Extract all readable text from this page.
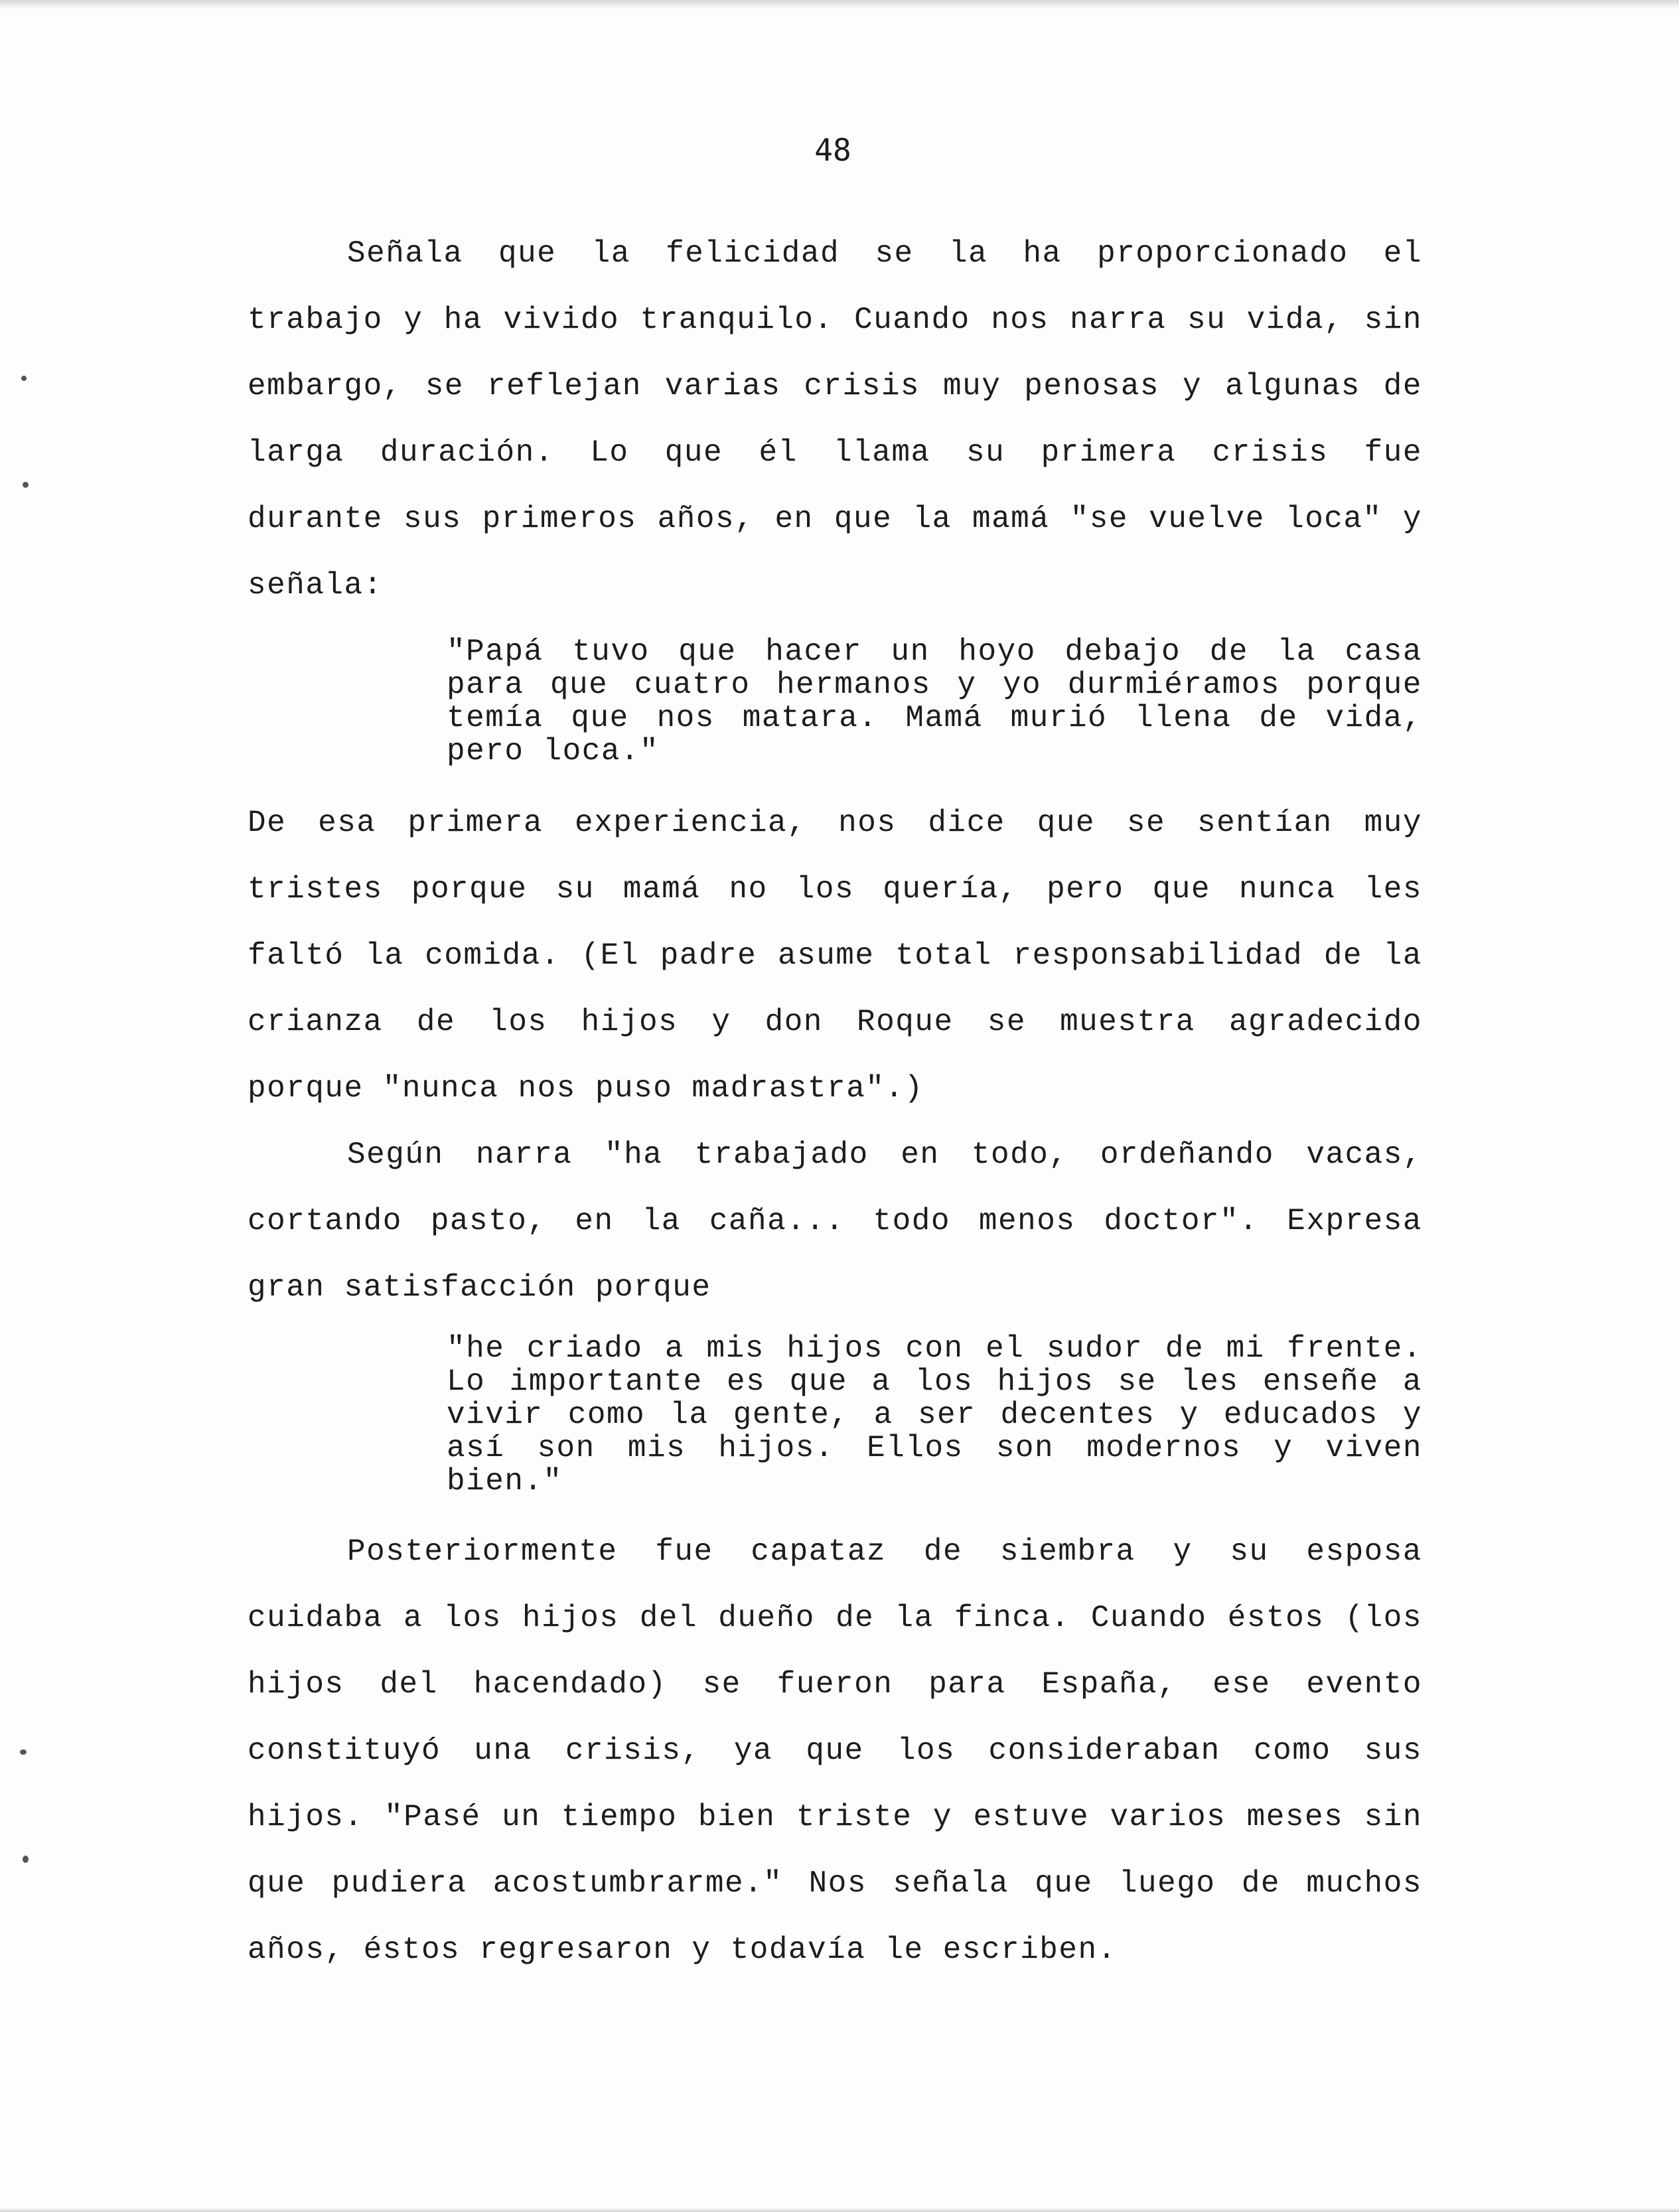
48

Señala que la felicidad se la ha proporcionado el trabajo y ha vivido tranquilo. Cuando nos narra su vida, sin embargo, se reflejan varias crisis muy penosas y algunas de larga duración. Lo que él llama su primera crisis fue durante sus primeros años, en que la mamá "se vuelve loca" y señala:

"Papá tuvo que hacer un hoyo debajo de la casa para que cuatro hermanos y yo durmiéramos porque temía que nos matara. Mamá murió llena de vida, pero loca."

De esa primera experiencia, nos dice que se sentían muy tristes porque su mamá no los quería, pero que nunca les faltó la comida. (El padre asume total responsabilidad de la crianza de los hijos y don Roque se muestra agradecido porque "nunca nos puso madrastra".)

Según narra "ha trabajado en todo, ordeñando vacas, cortando pasto, en la caña... todo menos doctor". Expresa gran satisfacción porque

"he criado a mis hijos con el sudor de mi frente. Lo importante es que a los hijos se les enseñe a vivir como la gente, a ser decentes y educados y así son mis hijos. Ellos son modernos y viven bien."

Posteriormente fue capataz de siembra y su esposa cuidaba a los hijos del dueño de la finca. Cuando éstos (los hijos del hacendado) se fueron para España, ese evento constituyó una crisis, ya que los consideraban como sus hijos. "Pasé un tiempo bien triste y estuve varios meses sin que pudiera acostumbrarme." Nos señala que luego de muchos años, éstos regresaron y todavía le escriben.
